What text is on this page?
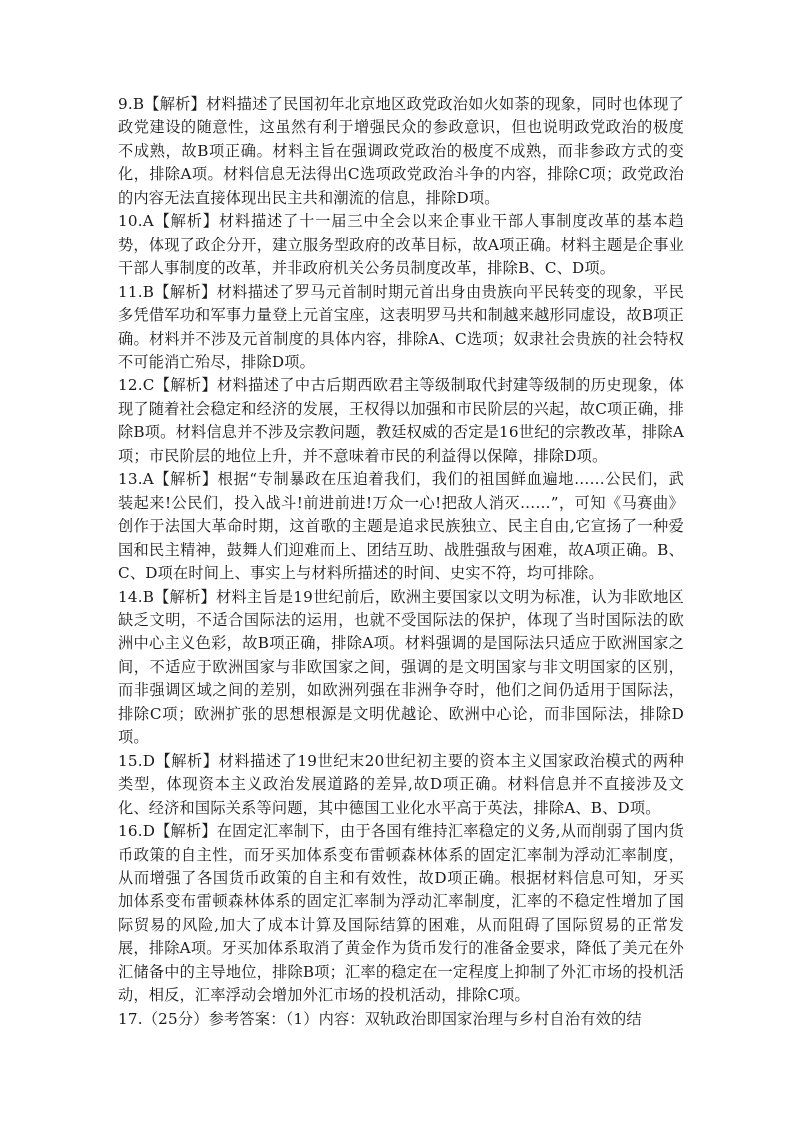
9.B【解析】材料描述了民国初年北京地区政党政治如火如荼的现象，同时也体现了政党建设的随意性，这虽然有利于增强民众的参政意识，但也说明政党政治的极度不成熟，故B项正确。材料主旨在强调政党政治的极度不成熟，而非参政方式的变化，排除A项。材料信息无法得出C选项政党政治斗争的内容，排除C项；政党政治的内容无法直接体现出民主共和潮流的信息，排除D项。

10.A【解析】材料描述了十一届三中全会以来企事业干部人事制度改革的基本趋势，体现了政企分开，建立服务型政府的改革目标，故A项正确。材料主题是企事业干部人事制度的改革，并非政府机关公务员制度改革，排除B、C、D项。

11.B【解析】材料描述了罗马元首制时期元首出身由贵族向平民转变的现象，平民多凭借军功和军事力量登上元首宝座，这表明罗马共和制越来越形同虚设，故B项正确。材料并不涉及元首制度的具体内容，排除A、C选项；奴隶社会贵族的社会特权不可能消亡殆尽，排除D项。

12.C【解析】材料描述了中古后期西欧君主等级制取代封建等级制的历史现象，体现了随着社会稳定和经济的发展，王权得以加强和市民阶层的兴起，故C项正确，排除B项。材料信息并不涉及宗教问题，教廷权威的否定是16世纪的宗教改革，排除A项；市民阶层的地位上升，并不意味着市民的利益得以保障，排除D项。

13.A【解析】根据“专制暴政在压迫着我们，我们的祖国鲜血遍地……公民们，武装起来!公民们，投入战斗!前进前进!万众一心!把敌人消灭……”，可知《马赛曲》创作于法国大革命时期，这首歌的主题是追求民族独立、民主自由,它宣扬了一种爱国和民主精神，鼓舞人们迎难而上、团结互助、战胜强敌与困难，故A项正确。B、C、D项在时间上、事实上与材料所描述的时间、史实不符，均可排除。

14.B【解析】材料主旨是19世纪前后，欧洲主要国家以文明为标准，认为非欧地区缺乏文明，不适合国际法的运用，也就不受国际法的保护，体现了当时国际法的欧洲中心主义色彩，故B项正确，排除A项。材料强调的是国际法只适应于欧洲国家之间，不适应于欧洲国家与非欧国家之间，强调的是文明国家与非文明国家的区别，而非强调区域之间的差别，如欧洲列强在非洲争夺时，他们之间仍适用于国际法，排除C项；欧洲扩张的思想根源是文明优越论、欧洲中心论，而非国际法，排除D项。

15.D【解析】材料描述了19世纪末20世纪初主要的资本主义国家政治模式的两种类型，体现资本主义政治发展道路的差异,故D项正确。材料信息并不直接涉及文化、经济和国际关系等问题，其中德国工业化水平高于英法，排除A、B、D项。

16.D【解析】在固定汇率制下，由于各国有维持汇率稳定的义务,从而削弱了国内货币政策的自主性，而牙买加体系变布雷顿森林体系的固定汇率制为浮动汇率制度，从而增强了各国货币政策的自主和有效性，故D项正确。根据材料信息可知，牙买加体系变布雷顿森林体系的固定汇率制为浮动汇率制度，汇率的不稳定性增加了国际贸易的风险,加大了成本计算及国际结算的困难，从而阻碍了国际贸易的正常发展，排除A项。牙买加体系取消了黄金作为货币发行的准备金要求，降低了美元在外汇储备中的主导地位，排除B项；汇率的稳定在一定程度上抑制了外汇市场的投机活动，相反，汇率浮动会增加外汇市场的投机活动，排除C项。

17.（25分）参考答案：（1）内容：双轨政治即国家治理与乡村自治有效的结
